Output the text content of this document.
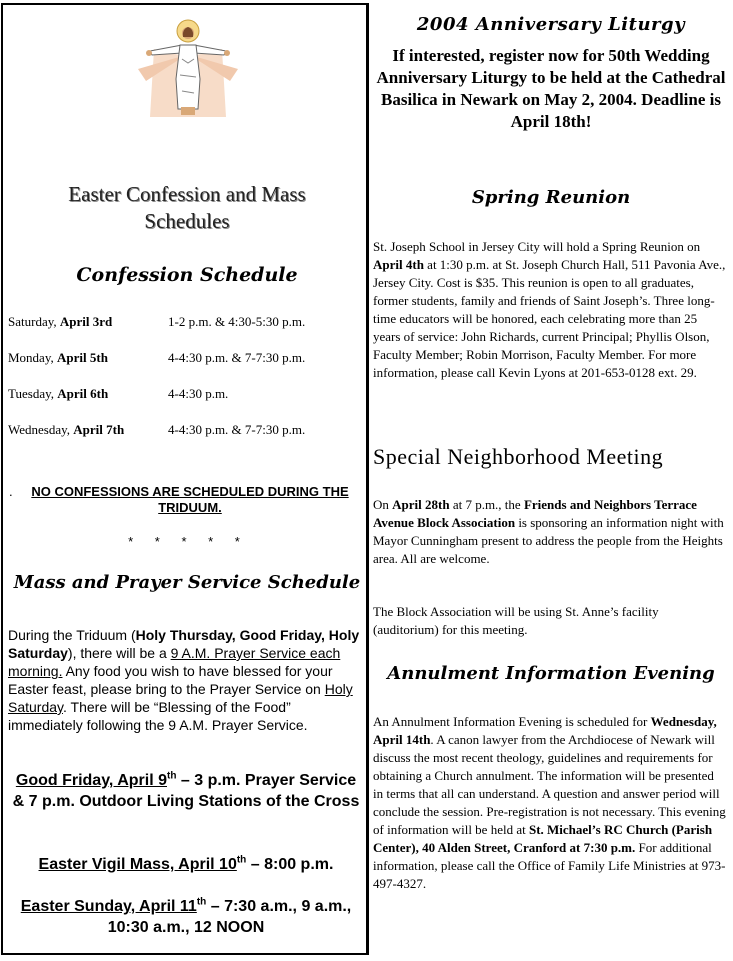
Easter Confession and Mass
Schedules
Confession Schedule
Saturday, April 3rd	1-2 p.m. & 4:30-5:30 p.m.
Monday, April 5th	4-4:30 p.m. & 7-7:30 p.m.
Tuesday, April 6th	4-4:30 p.m.
Wednesday, April 7th	4-4:30 p.m. & 7-7:30 p.m.
.	NO CONFESSIONS ARE SCHEDULED DURING THE TRIDUUM.
* * * * *
Mass and Prayer Service Schedule
During the Triduum (Holy Thursday, Good Friday, Holy Saturday), there will be a 9 A.M. Prayer Service each morning. Any food you wish to have blessed for your Easter feast, please bring to the Prayer Service on Holy Saturday. There will be “Blessing of the Food” immediately following the 9 A.M. Prayer Service.
Good Friday, April 9th – 3 p.m. Prayer Service & 7 p.m. Outdoor Living Stations of the Cross
Easter Vigil Mass, April 10th – 8:00 p.m.
Easter Sunday, April 11th – 7:30 a.m., 9 a.m., 10:30 a.m., 12 NOON
2004 Anniversary Liturgy
If interested, register now for 50th Wedding Anniversary Liturgy to be held at the Cathedral Basilica in Newark on May 2, 2004. Deadline is April 18th!
Spring Reunion
St. Joseph School in Jersey City will hold a Spring Reunion on April 4th at 1:30 p.m. at St. Joseph Church Hall, 511 Pavonia Ave., Jersey City. Cost is $35. This reunion is open to all graduates, former students, family and friends of Saint Joseph’s. Three long-time educators will be honored, each celebrating more than 25 years of service: John Richards, current Principal; Phyllis Olson, Faculty Member; Robin Morrison, Faculty Member. For more information, please call Kevin Lyons at 201-653-0128 ext. 29.
Special Neighborhood Meeting
On April 28th at 7 p.m., the Friends and Neighbors Terrace Avenue Block Association is sponsoring an information night with Mayor Cunningham present to address the people from the Heights area. All are welcome.
The Block Association will be using St. Anne’s facility (auditorium) for this meeting.
Annulment Information Evening
An Annulment Information Evening is scheduled for Wednesday, April 14th. A canon lawyer from the Archdiocese of Newark will discuss the most recent theology, guidelines and requirements for obtaining a Church annulment. The information will be presented in terms that all can understand. A question and answer period will conclude the session. Pre-registration is not necessary. This evening of information will be held at St. Michael’s RC Church (Parish Center), 40 Alden Street, Cranford at 7:30 p.m. For additional information, please call the Office of Family Life Ministries at 973-497-4327.
